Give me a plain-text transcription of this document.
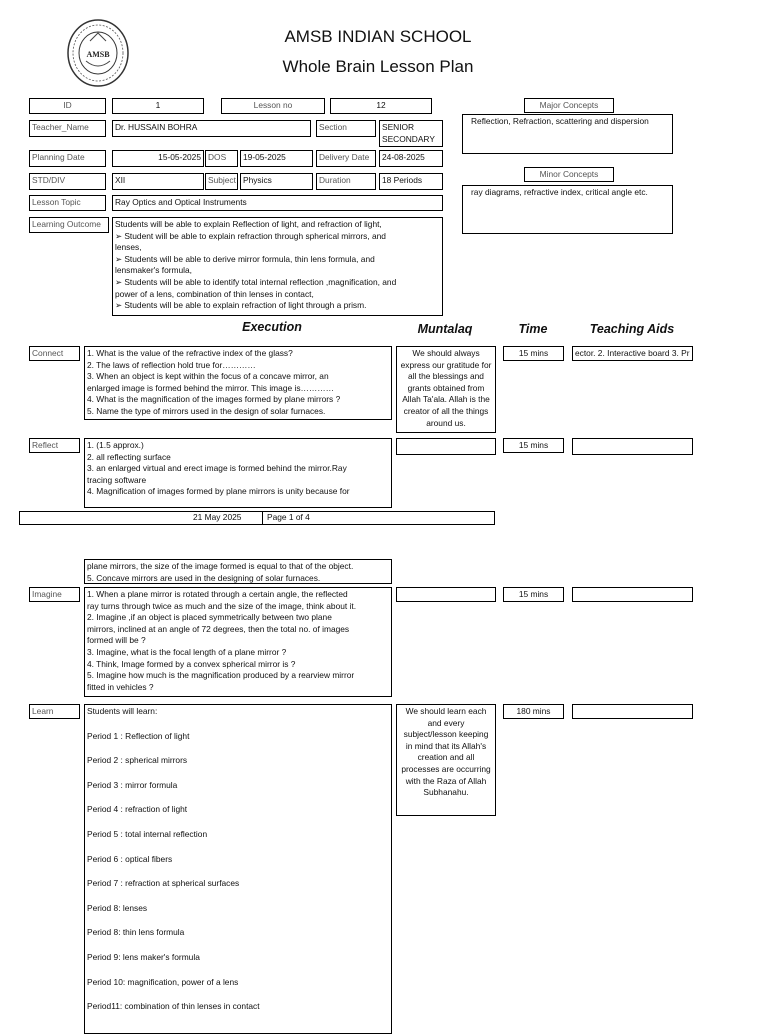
AMSB
AMSB INDIAN SCHOOL
Whole Brain Lesson Plan
ID	1	Lesson no	12	Major Concepts
Reflection, Refraction, scattering and dispersion
Minor Concepts
ray diagrams, refractive index, critical angle etc.
Teacher_Name	Dr. HUSSAIN BOHRA	Section	SENIOR SECONDARY
Planning Date	15-05-2025 DOS	19-05-2025	Delivery Date	24-08-2025
STD/DIV	XII	Subject Physics	Duration	18 Periods
Lesson Topic	Ray Optics and Optical Instruments
Learning Outcome	Students will be able to explain Reflection of light, and refraction of light,
➢ Student will be able to explain refraction through spherical mirrors, and
lenses,
➢ Students will be able to derive mirror formula, thin lens formula, and
lensmaker's formula,
➢ Students will be able to identify total internal reflection ,magnification, and
power of a lens, combination of thin lenses in contact,
➢ Students will be able to explain refraction of light through a prism.
Execution	Muntalaq	Time	Teaching Aids
Connect	1. What is the value of the refractive index of the glass?
2. The laws of reflection hold true for…………
3. When an object is kept within the focus of a concave mirror, an
enlarged image is formed behind the mirror. This image is…………
4. What is the magnification of the images formed by plane mirrors ?
5. Name the type of mirrors used in the design of solar furnaces.
We should always express our gratitude for all the blessings and grants obtained from Allah Ta'ala. Allah is the creator of all the things around us.
15 mins	ector. 2. Interactive board 3. Pr
Reflect	1. (1.5 approx.)
2. all reflecting surface
3. an enlarged virtual and erect image is formed behind the mirror.Ray
tracing software
4. Magnification of images formed by plane mirrors is unity because for
15 mins
21 May 2025	Page 1 of 4
plane mirrors, the size of the image formed is equal to that of the object.
5. Concave mirrors are used in the designing of solar furnaces.
Imagine	1. When a plane mirror is rotated through a certain angle, the reflected
ray turns through twice as much and the size of the image, think about it.
2. Imagine ,if an object is placed symmetrically between two plane
mirrors, inclined at an angle of 72 degrees, then the total no. of images
formed will be ?
3. Imagine, what is the focal length of a plane mirror ?
4. Think, Image formed by a convex spherical mirror is ?
5. Imagine how much is the magnification produced by a rearview mirror
fitted in vehicles ?
15 mins
Learn	Students will learn:
Period 1 : Reflection of light
Period 2 : spherical mirrors
Period 3 : mirror formula
Period 4 : refraction of light
Period 5 : total internal reflection
Period 6 : optical fibers
Period 7 : refraction at spherical surfaces
Period 8: lenses
Period 8: thin lens formula
Period 9: lens maker's formula
Period 10: magnification, power of a lens
Period11: combination of thin lenses in contact
We should learn each and every subject/lesson keeping in mind that its Allah's creation and all processes are occurring with the Raza of Allah Subhanahu.
180 mins
